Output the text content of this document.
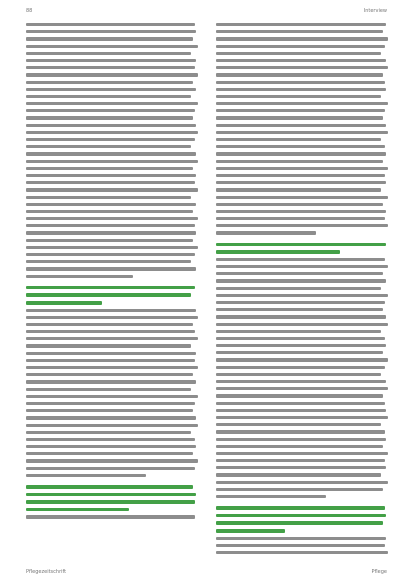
88	Interview
Pflegezeitschrift	Pflege
